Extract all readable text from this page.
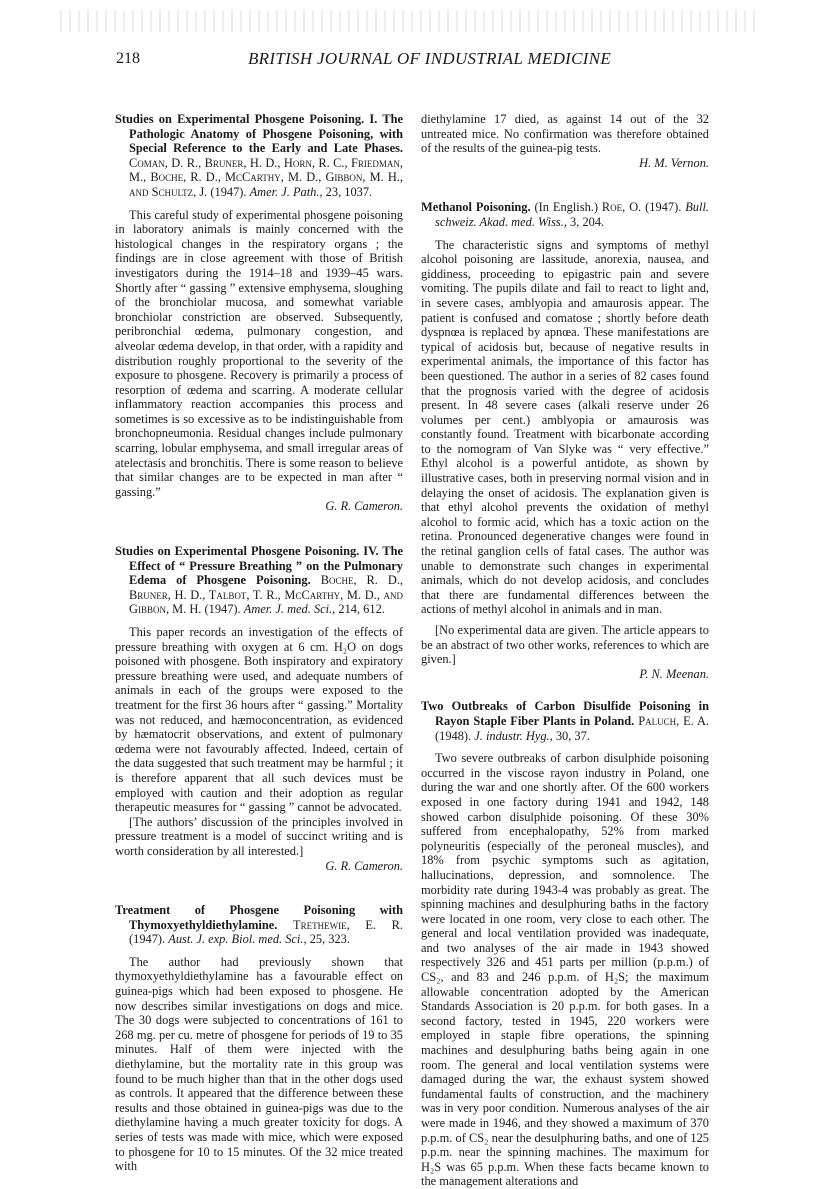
218	BRITISH JOURNAL OF INDUSTRIAL MEDICINE

Studies on Experimental Phosgene Poisoning. I. The Pathologic Anatomy of Phosgene Poisoning, with Special Reference to the Early and Late Phases. Coman, D. R., Bruner, H. D., Horn, R. C., Friedman, M., Boche, R. D., McCarthy, M. D., Gibbon, M. H., and Schultz, J. (1947). Amer. J. Path., 23, 1037.

This careful study of experimental phosgene poisoning in laboratory animals is mainly concerned with the histological changes in the respiratory organs ; the findings are in close agreement with those of British investigators during the 1914–18 and 1939–45 wars. Shortly after “ gassing ” extensive emphysema, sloughing of the bronchiolar mucosa, and somewhat variable bronchiolar constriction are observed. Subsequently, peribronchial œdema, pulmonary congestion, and alveolar œdema develop, in that order, with a rapidity and distribution roughly proportional to the severity of the exposure to phosgene. Recovery is primarily a process of resorption of œdema and scarring. A moderate cellular inflammatory reaction accompanies this process and sometimes is so excessive as to be indistinguishable from bronchopneumonia. Residual changes include pulmonary scarring, lobular emphysema, and small irregular areas of atelectasis and bronchitis. There is some reason to believe that similar changes are to be expected in man after “ gassing.”

G. R. Cameron.

Studies on Experimental Phosgene Poisoning. IV. The Effect of “ Pressure Breathing ” on the Pulmonary Edema of Phosgene Poisoning. Boche, R. D., Bruner, H. D., Talbot, T. R., McCarthy, M. D., and Gibbon, M. H. (1947). Amer. J. med. Sci., 214, 612.

This paper records an investigation of the effects of pressure breathing with oxygen at 6 cm. H₂O on dogs poisoned with phosgene. Both inspiratory and expiratory pressure breathing were used, and adequate numbers of animals in each of the groups were exposed to the treatment for the first 36 hours after “ gassing.” Mortality was not reduced, and hæmoconcentration, as evidenced by hæmatocrit observations, and extent of pulmonary œdema were not favourably affected. Indeed, certain of the data suggested that such treatment may be harmful ; it is therefore apparent that all such devices must be employed with caution and their adoption as regular therapeutic measures for “ gassing ” cannot be advocated.

[The authors’ discussion of the principles involved in pressure treatment is a model of succinct writing and is worth consideration by all interested.]

G. R. Cameron.

Treatment of Phosgene Poisoning with Thymoxyethyldiethylamine. Trethewie, E. R. (1947). Aust. J. exp. Biol. med. Sci., 25, 323.

The author had previously shown that thymoxyethyldiethylamine has a favourable effect on guinea-pigs which had been exposed to phosgene. He now describes similar investigations on dogs and mice. The 30 dogs were subjected to concentrations of 161 to 268 mg. per cu. metre of phosgene for periods of 19 to 35 minutes. Half of them were injected with the diethylamine, but the mortality rate in this group was found to be much higher than that in the other dogs used as controls. It appeared that the difference between these results and those obtained in guinea-pigs was due to the diethylamine having a much greater toxicity for dogs. A series of tests was made with mice, which were exposed to phosgene for 10 to 15 minutes. Of the 32 mice treated with

diethylamine 17 died, as against 14 out of the 32 untreated mice. No confirmation was therefore obtained of the results of the guinea-pig tests.

H. M. Vernon.

Methanol Poisoning. (In English.) Roe, O. (1947). Bull. schweiz. Akad. med. Wiss., 3, 204.

The characteristic signs and symptoms of methyl alcohol poisoning are lassitude, anorexia, nausea, and giddiness, proceeding to epigastric pain and severe vomiting. The pupils dilate and fail to react to light and, in severe cases, amblyopia and amaurosis appear. The patient is confused and comatose ; shortly before death dyspnœa is replaced by apnœa. These manifestations are typical of acidosis but, because of negative results in experimental animals, the importance of this factor has been questioned. The author in a series of 82 cases found that the prognosis varied with the degree of acidosis present. In 48 severe cases (alkali reserve under 26 volumes per cent.) amblyopia or amaurosis was constantly found. Treatment with bicarbonate according to the nomogram of Van Slyke was “ very effective.” Ethyl alcohol is a powerful antidote, as shown by illustrative cases, both in preserving normal vision and in delaying the onset of acidosis. The explanation given is that ethyl alcohol prevents the oxidation of methyl alcohol to formic acid, which has a toxic action on the retina. Pronounced degenerative changes were found in the retinal ganglion cells of fatal cases. The author was unable to demonstrate such changes in experimental animals, which do not develop acidosis, and concludes that there are fundamental differences between the actions of methyl alcohol in animals and in man.

[No experimental data are given. The article appears to be an abstract of two other works, references to which are given.]

P. N. Meenan.

Two Outbreaks of Carbon Disulfide Poisoning in Rayon Staple Fiber Plants in Poland. Paluch, E. A. (1948). J. industr. Hyg., 30, 37.

Two severe outbreaks of carbon disulphide poisoning occurred in the viscose rayon industry in Poland, one during the war and one shortly after. Of the 600 workers exposed in one factory during 1941 and 1942, 148 showed carbon disulphide poisoning. Of these 30% suffered from encephalopathy, 52% from marked polyneuritis (especially of the peroneal muscles), and 18% from psychic symptoms such as agitation, hallucinations, depression, and somnolence. The morbidity rate during 1943-4 was probably as great. The spinning machines and desulphuring baths in the factory were located in one room, very close to each other. The general and local ventilation provided was inadequate, and two analyses of the air made in 1943 showed respectively 326 and 451 parts per million (p.p.m.) of CS₂, and 83 and 246 p.p.m. of H₂S; the maximum allowable concentration adopted by the American Standards Association is 20 p.p.m. for both gases. In a second factory, tested in 1945, 220 workers were employed in staple fibre operations, the spinning machines and desulphuring baths being again in one room. The general and local ventilation systems were damaged during the war, the exhaust system showed fundamental faults of construction, and the machinery was in very poor condition. Numerous analyses of the air were made in 1946, and they showed a maximum of 370 p.p.m. of CS₂ near the desulphuring baths, and one of 125 p.p.m. near the spinning machines. The maximum for H₂S was 65 p.p.m. When these facts became known to the management alterations and
